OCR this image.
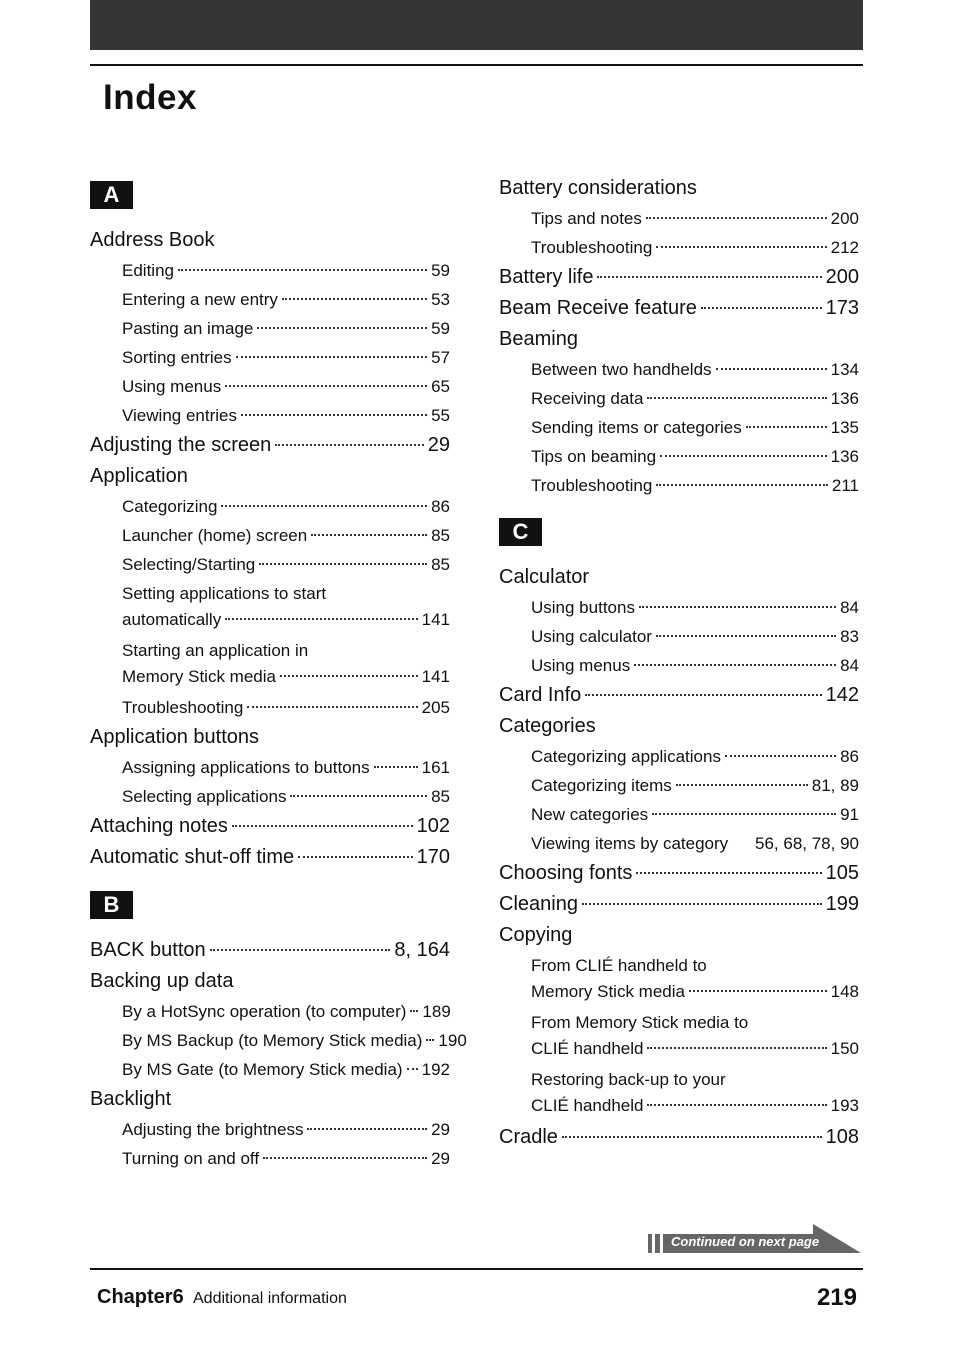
Index
A
Address Book
Editing	59
Entering a new entry	53
Pasting an image	59
Sorting entries	57
Using menus	65
Viewing entries	55
Adjusting the screen	29
Application
Categorizing	86
Launcher (home) screen	85
Selecting/Starting	85
Setting applications to start
automatically	141
Starting an application in
Memory Stick media	141
Troubleshooting	205
Application buttons
Assigning applications to buttons	161
Selecting applications	85
Attaching notes	102
Automatic shut-off time	170
B
BACK button	8, 164
Backing up data
By a HotSync operation (to computer) 189
By MS Backup (to Memory Stick media) 190
By MS Gate (to Memory Stick media) 192
Backlight
Adjusting the brightness	29
Turning on and off	29
Battery considerations
Tips and notes	200
Troubleshooting	212
Battery life	200
Beam Receive feature	173
Beaming
Between two handhelds	134
Receiving data	136
Sending items or categories	135
Tips on beaming	136
Troubleshooting	211
C
Calculator
Using buttons	84
Using calculator	83
Using menus	84
Card Info	142
Categories
Categorizing applications	86
Categorizing items	81, 89
New categories	91
Viewing items by category 56, 68, 78, 90
Choosing fonts	105
Cleaning	199
Copying
From CLIÉ handheld to
Memory Stick media	148
From Memory Stick media to
CLIÉ handheld	150
Restoring back-up to your
CLIÉ handheld	193
Cradle	108
Continued on next page
Chapter6 Additional information	219
